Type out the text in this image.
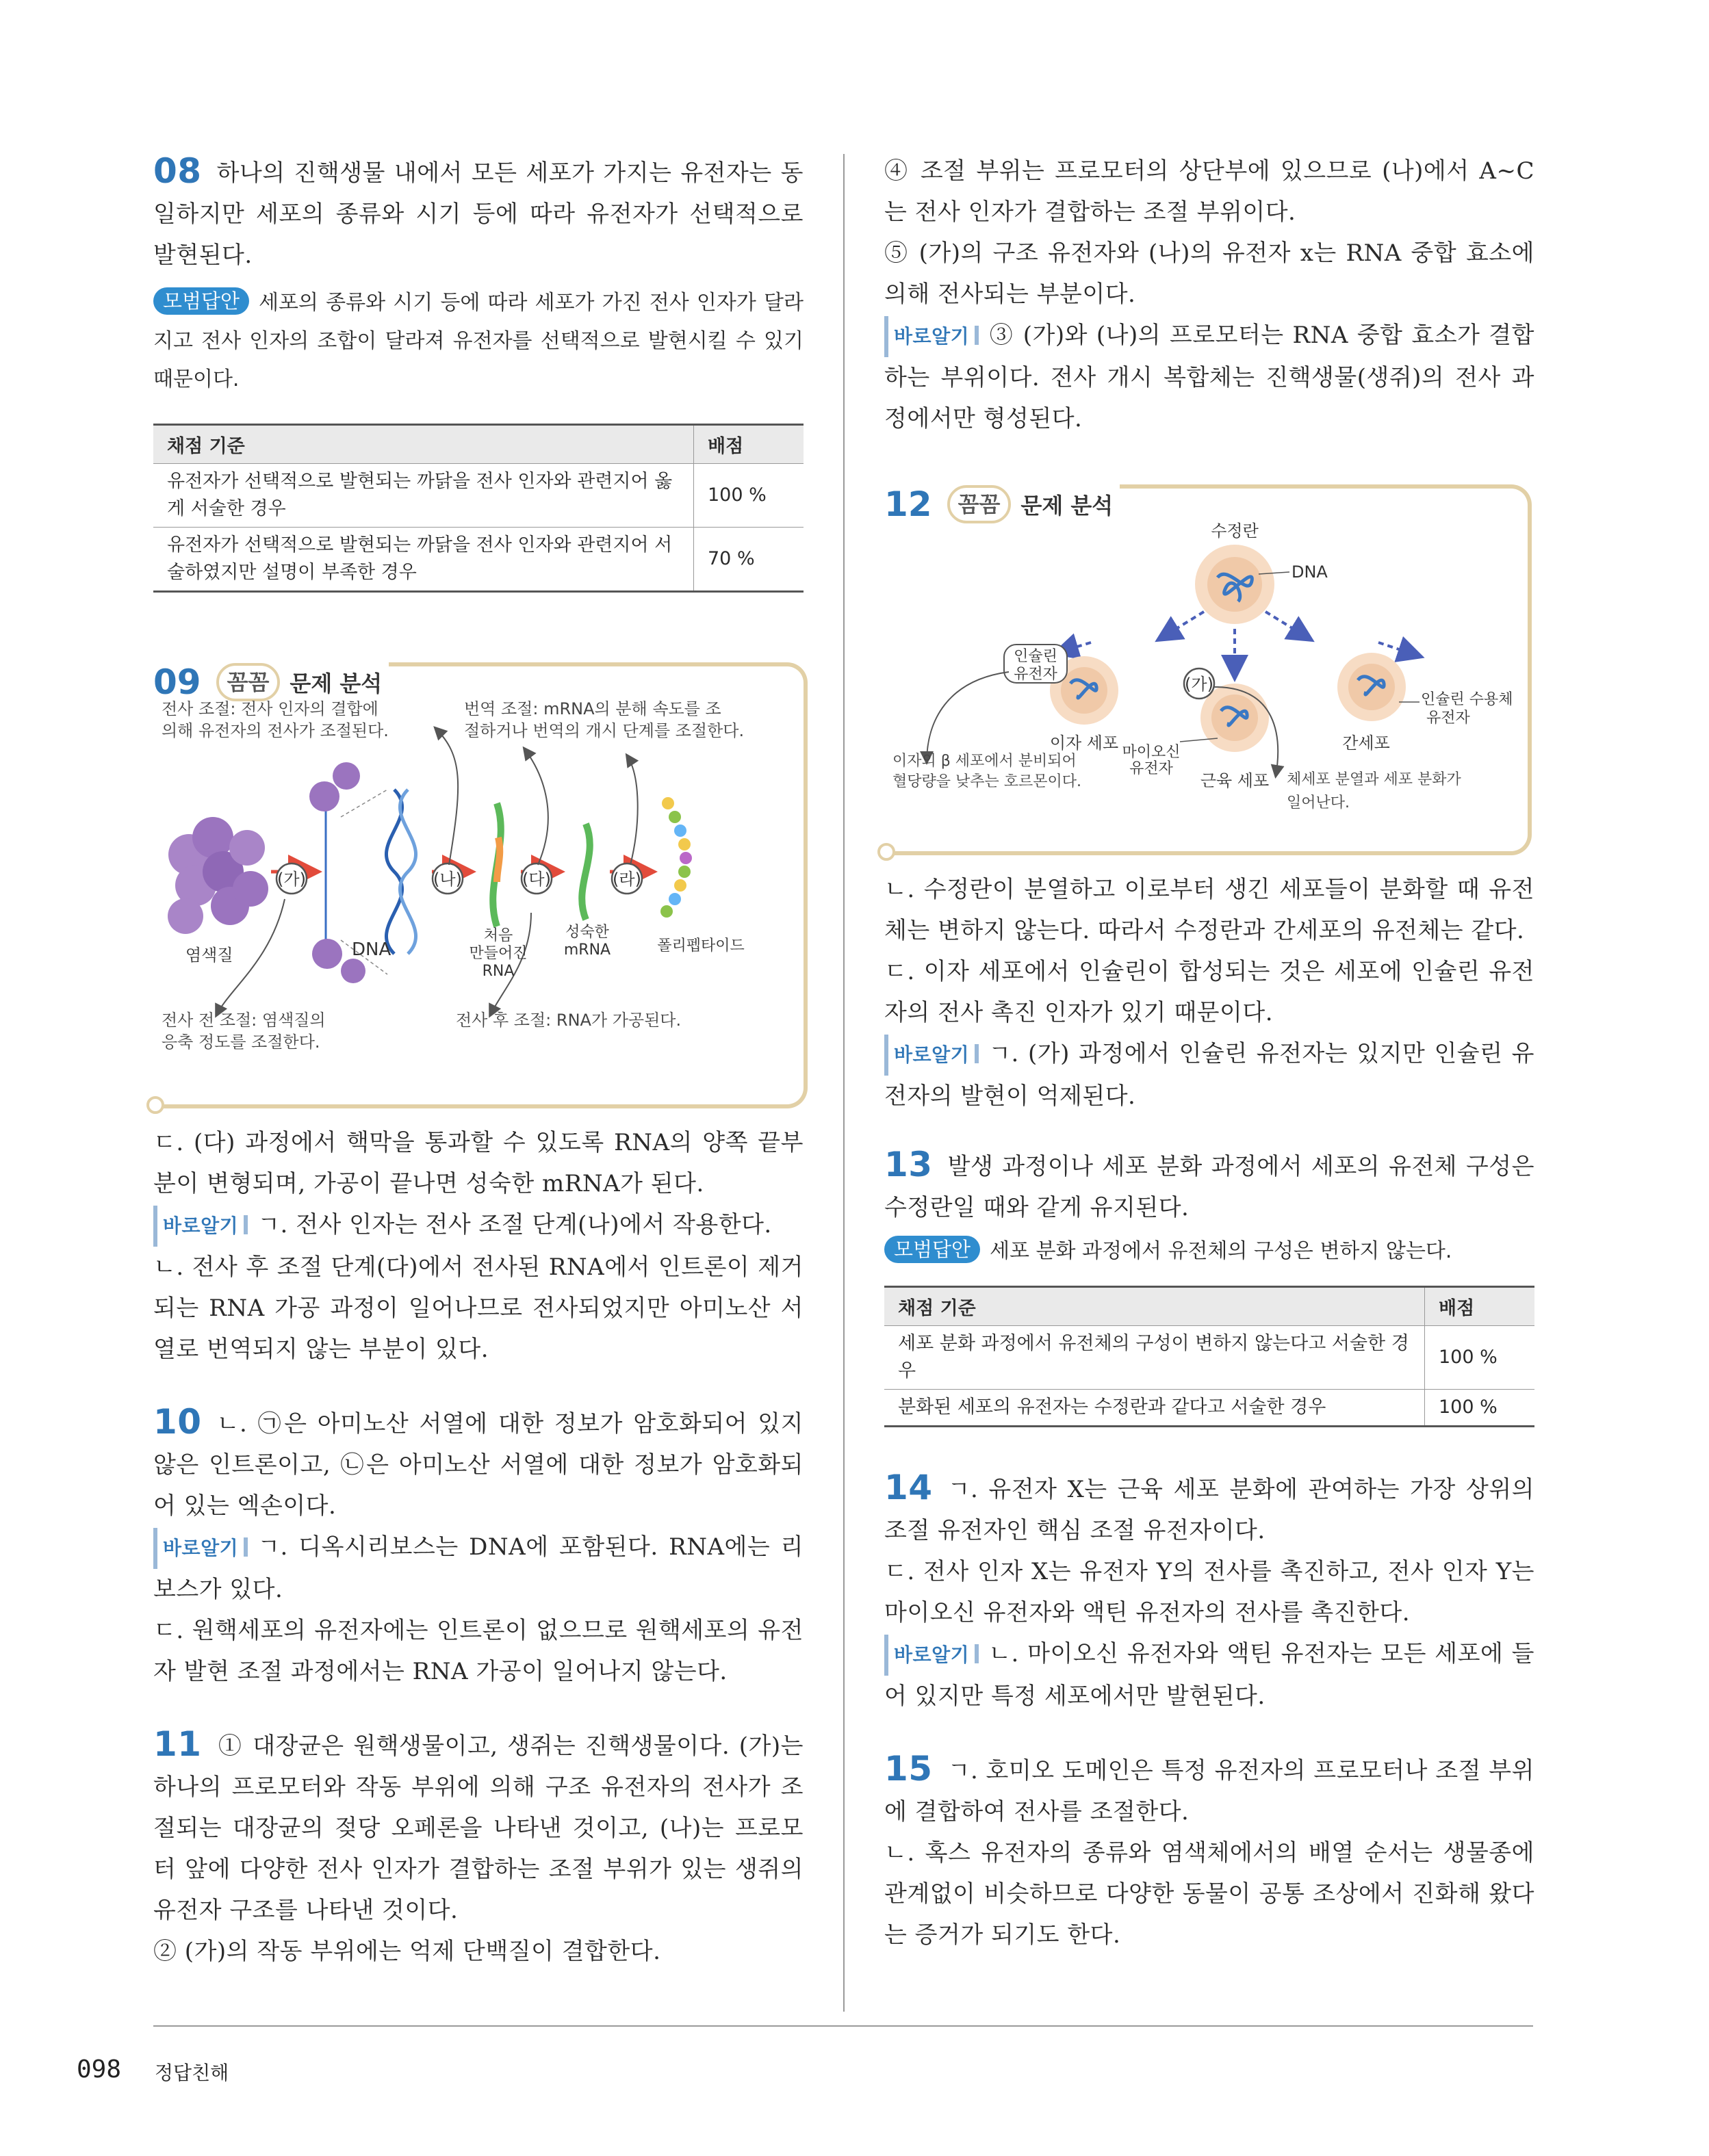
08 하나의 진핵생물 내에서 모든 세포가 가지는 유전자는 동일하지만 세포의 종류와 시기 등에 따라 유전자가 선택적으로 발현된다.

모범답안 세포의 종류와 시기 등에 따라 세포가 가진 전사 인자가 달라지고 전사 인자의 조합이 달라져 유전자를 선택적으로 발현시킬 수 있기 때문이다.

채점 기준	배점
유전자가 선택적으로 발현되는 까닭을 전사 인자와 관련지어 옳게 서술한 경우	100 %
유전자가 선택적으로 발현되는 까닭을 전사 인자와 관련지어 서술하였지만 설명이 부족한 경우	70 %
09	꼼꼼 문제 분석
전사 조절: 전사 인자의 결합에
의해 유전자의 전사가 조절된다.
번역 조절: mRNA의 분해 속도를 조
절하거나 번역의 개시 단계를 조절한다.
(가)	(나)	(다)	(라)
염색질	DNA
처음
만들어진
RNA
성숙한
mRNA	폴리펩타이드
전사 전 조절: 염색질의
응축 정도를 조절한다.
전사 후 조절: RNA가 가공된다.

ㄷ. (다) 과정에서 핵막을 통과할 수 있도록 RNA의 양쪽 끝부분이 변형되며, 가공이 끝나면 성숙한 mRNA가 된다.

바로알기 ㄱ. 전사 인자는 전사 조절 단계(나)에서 작용한다.

ㄴ. 전사 후 조절 단계(다)에서 전사된 RNA에서 인트론이 제거되는 RNA 가공 과정이 일어나므로 전사되었지만 아미노산 서열로 번역되지 않는 부분이 있다.

10 ㄴ. ㉠은 아미노산 서열에 대한 정보가 암호화되어 있지 않은 인트론이고, ㉡은 아미노산 서열에 대한 정보가 암호화되어 있는 엑손이다.

바로알기 ㄱ. 디옥시리보스는 DNA에 포함된다. RNA에는 리보스가 있다.

ㄷ. 원핵세포의 유전자에는 인트론이 없으므로 원핵세포의 유전자 발현 조절 과정에서는 RNA 가공이 일어나지 않는다.

11 ① 대장균은 원핵생물이고, 생쥐는 진핵생물이다. (가)는 하나의 프로모터와 작동 부위에 의해 구조 유전자의 전사가 조절되는 대장균의 젖당 오페론을 나타낸 것이고, (나)는 프로모터 앞에 다양한 전사 인자가 결합하는 조절 부위가 있는 생쥐의 유전자 구조를 나타낸 것이다.

② (가)의 작동 부위에는 억제 단백질이 결합한다.

④ 조절 부위는 프로모터의 상단부에 있으므로 (나)에서 A∼C는 전사 인자가 결합하는 조절 부위이다.

⑤ (가)의 구조 유전자와 (나)의 유전자 x는 RNA 중합 효소에 의해 전사되는 부분이다.

바로알기 ③ (가)와 (나)의 프로모터는 RNA 중합 효소가 결합하는 부위이다. 전사 개시 복합체는 진핵생물(생쥐)의 전사 과정에서만 형성된다.

12	꼼꼼 문제 분석
수정란
DNA
인슐린
유전자
(가)
이자 세포	간세포
근육 세포
인슐린 수용체
유전자
마이오신
유전자
이자의 β 세포에서 분비되어
혈당량을 낮추는 호르몬이다.	체세포 분열과 세포 분화가
일어난다.

ㄴ. 수정란이 분열하고 이로부터 생긴 세포들이 분화할 때 유전체는 변하지 않는다. 따라서 수정란과 간세포의 유전체는 같다.

ㄷ. 이자 세포에서 인슐린이 합성되는 것은 세포에 인슐린 유전자의 전사 촉진 인자가 있기 때문이다.

바로알기 ㄱ. (가) 과정에서 인슐린 유전자는 있지만 인슐린 유전자의 발현이 억제된다.

13 발생 과정이나 세포 분화 과정에서 세포의 유전체 구성은 수정란일 때와 같게 유지된다.

모범답안 세포 분화 과정에서 유전체의 구성은 변하지 않는다.

채점 기준	배점
세포 분화 과정에서 유전체의 구성이 변하지 않는다고 서술한 경우	100 %
분화된 세포의 유전자는 수정란과 같다고 서술한 경우	100 %

14 ㄱ. 유전자 X는 근육 세포 분화에 관여하는 가장 상위의 조절 유전자인 핵심 조절 유전자이다.

ㄷ. 전사 인자 X는 유전자 Y의 전사를 촉진하고, 전사 인자 Y는 마이오신 유전자와 액틴 유전자의 전사를 촉진한다.

바로알기 ㄴ. 마이오신 유전자와 액틴 유전자는 모든 세포에 들어 있지만 특정 세포에서만 발현된다.

15 ㄱ. 호미오 도메인은 특정 유전자의 프로모터나 조절 부위에 결합하여 전사를 조절한다.

ㄴ. 혹스 유전자의 종류와 염색체에서의 배열 순서는 생물종에 관계없이 비슷하므로 다양한 동물이 공통 조상에서 진화해 왔다는 증거가 되기도 한다.

098 정답친해
